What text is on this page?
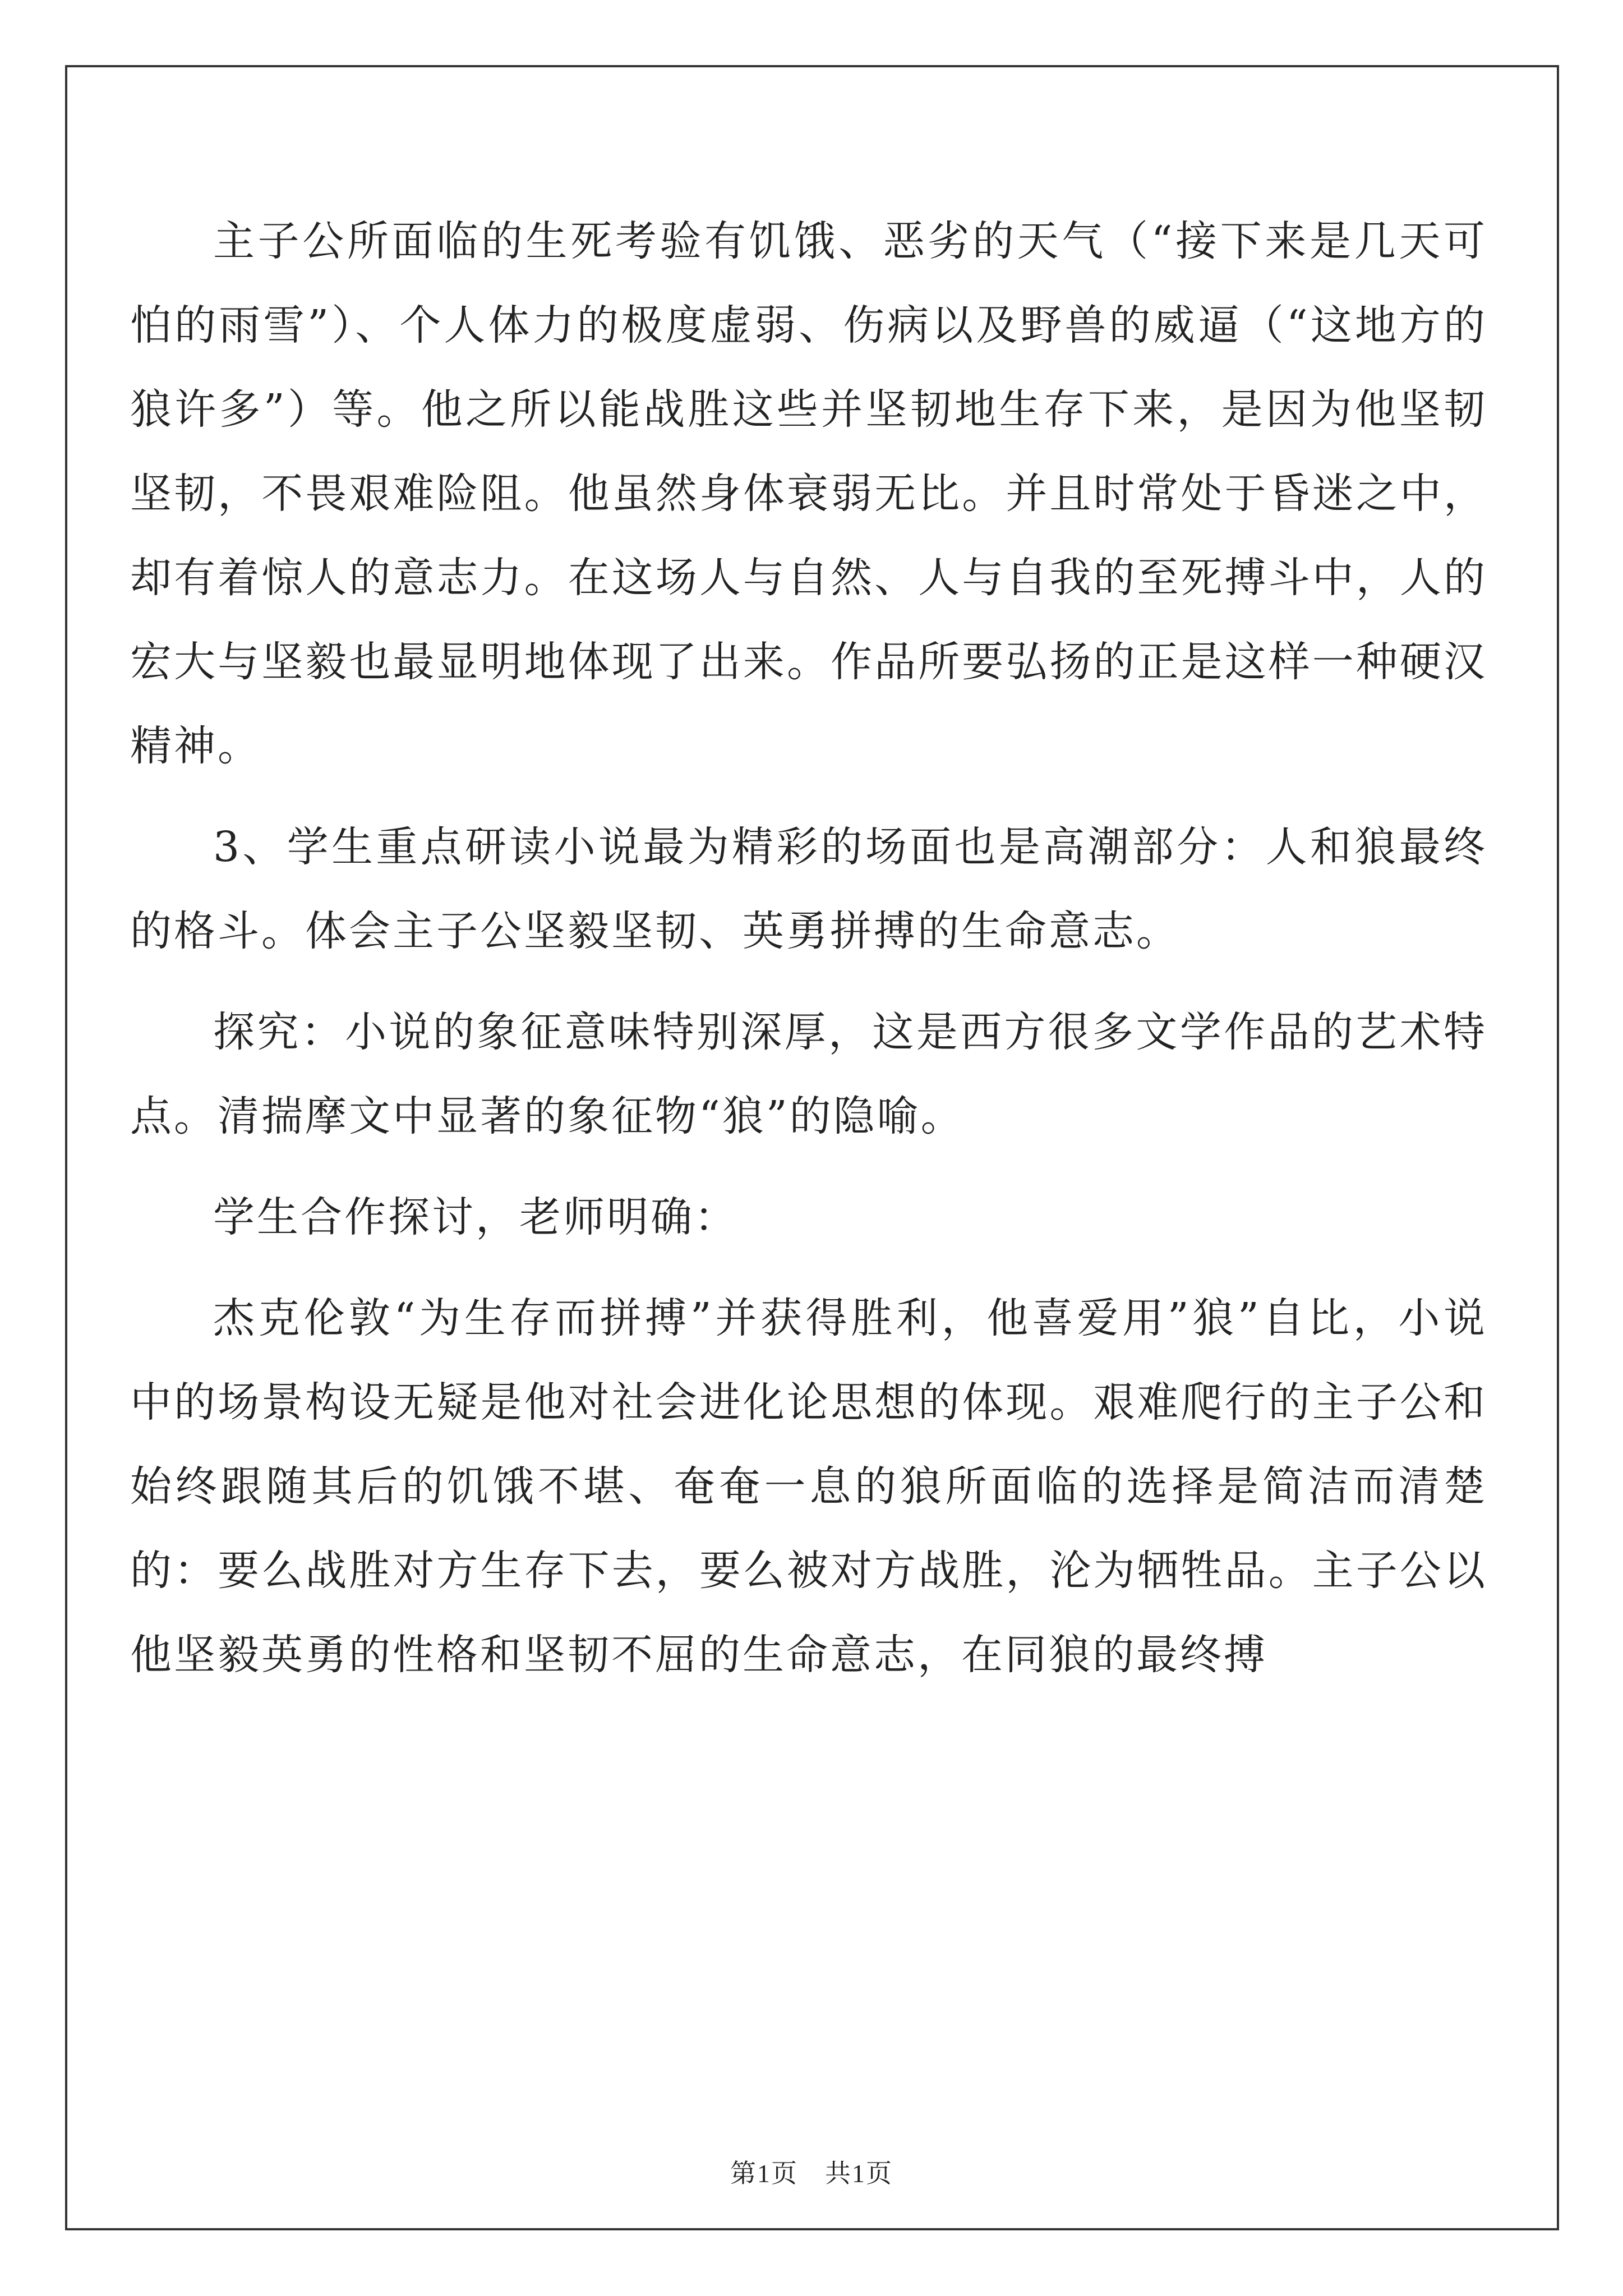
主子公所面临的生死考验有饥饿、恶劣的天气（“接下来是几天可怕的雨雪”）、个人体力的极度虚弱、伤病以及野兽的威逼（“这地方的狼许多”）等。他之所以能战胜这些并坚韧地生存下来，是因为他坚韧坚韧，不畏艰难险阻。他虽然身体衰弱无比。并且时常处于昏迷之中，却有着惊人的意志力。在这场人与自然、人与自我的至死搏斗中，人的宏大与坚毅也最显明地体现了出来。作品所要弘扬的正是这样一种硬汉精神。

3、学生重点研读小说最为精彩的场面也是高潮部分：人和狼最终的格斗。体会主子公坚毅坚韧、英勇拼搏的生命意志。

探究：小说的象征意味特别深厚，这是西方很多文学作品的艺术特点。清揣摩文中显著的象征物“狼”的隐喻。

学生合作探讨，老师明确：

杰克伦敦“为生存而拼搏”并获得胜利，他喜爱用”狼”自比，小说中的场景构设无疑是他对社会进化论思想的体现。艰难爬行的主子公和始终跟随其后的饥饿不堪、奄奄一息的狼所面临的选择是简洁而清楚的：要么战胜对方生存下去，要么被对方战胜，沦为牺牲品。主子公以他坚毅英勇的性格和坚韧不屈的生命意志，在同狼的最终搏

第1页　共1页
